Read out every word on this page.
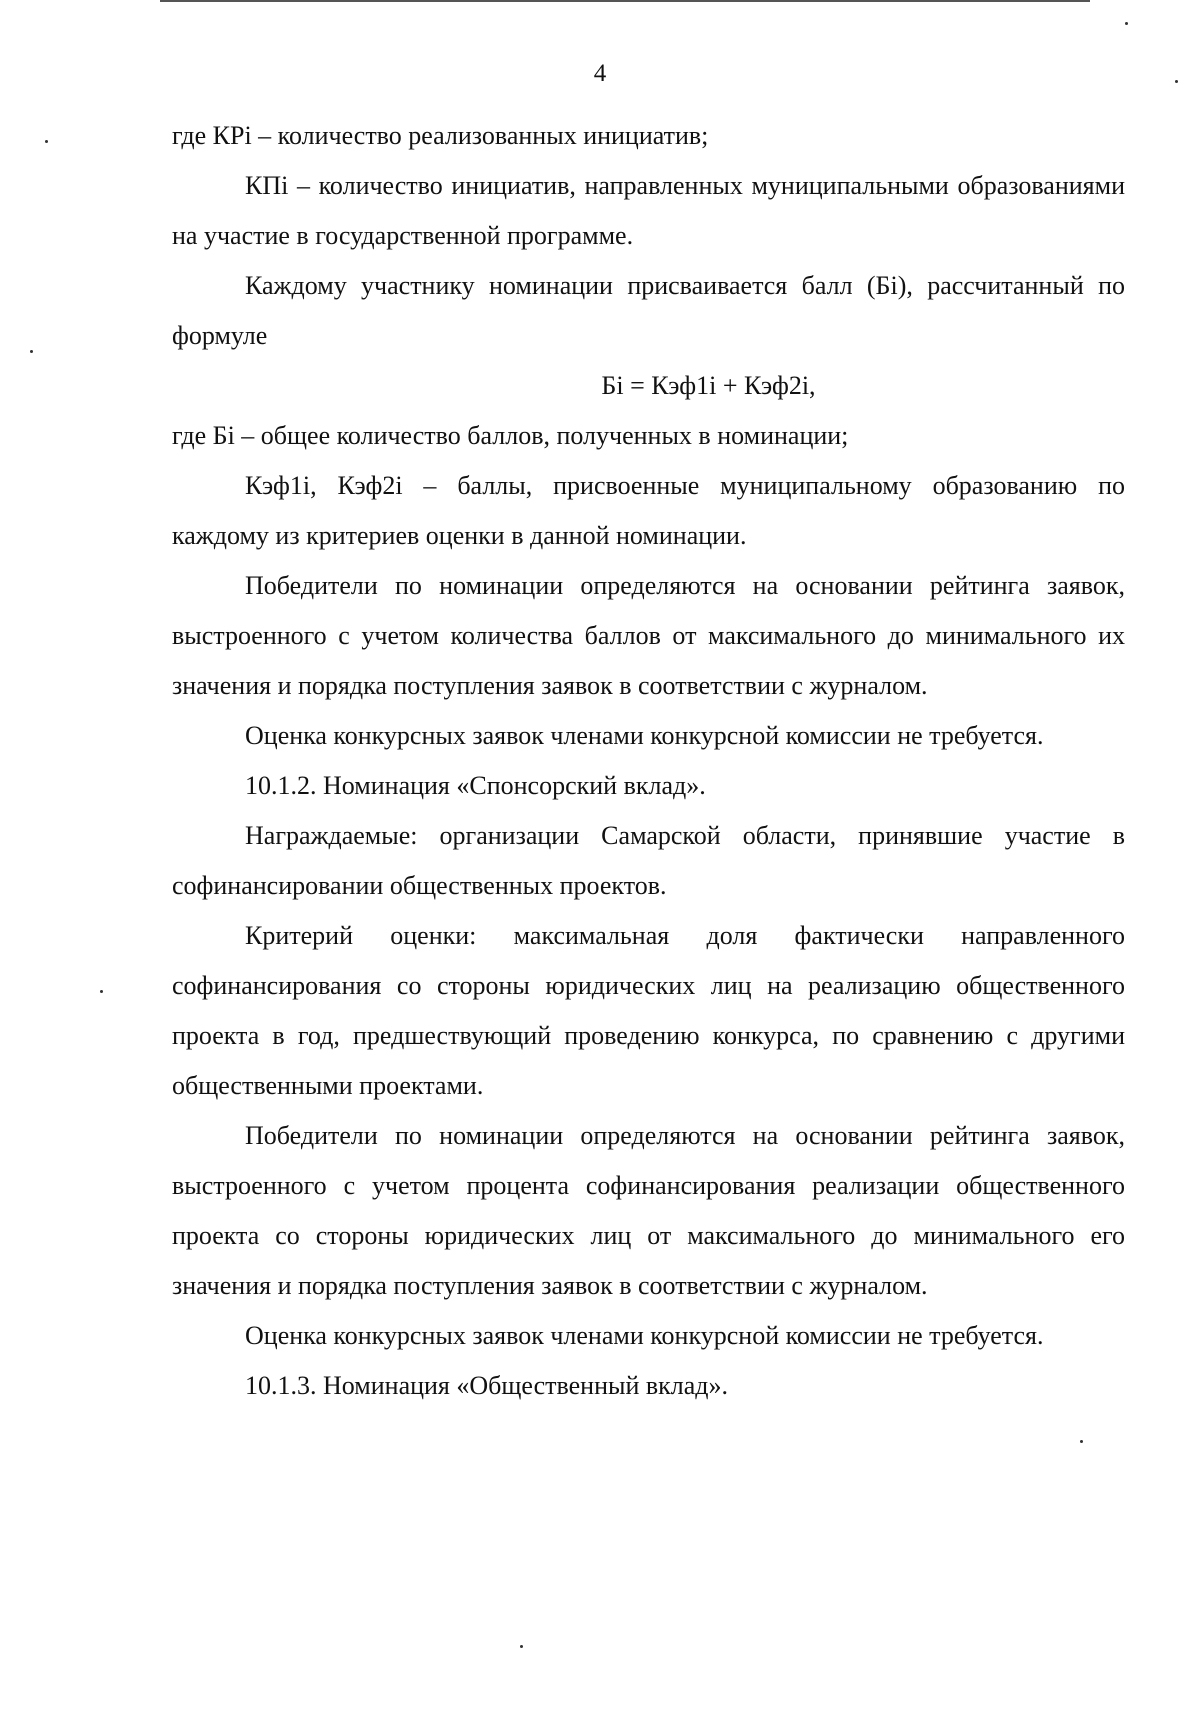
4

где КРi – количество реализованных инициатив;

КПi – количество инициатив, направленных муниципальными образованиями на участие в государственной программе.

Каждому участнику номинации присваивается балл (Бi), рассчитанный по формуле

Бi = Кэф1i + Кэф2i,

где Бi – общее количество баллов, полученных в номинации;

Кэф1i, Кэф2i – баллы, присвоенные муниципальному образованию по каждому из критериев оценки в данной номинации.

Победители по номинации определяются на основании рейтинга заявок, выстроенного с учетом количества баллов от максимального до минимального их значения и порядка поступления заявок в соответствии с журналом.

Оценка конкурсных заявок членами конкурсной комиссии не требуется.

10.1.2. Номинация «Спонсорский вклад».

Награждаемые: организации Самарской области, принявшие участие в софинансировании общественных проектов.

Критерий оценки: максимальная доля фактически направленного софинансирования со стороны юридических лиц на реализацию общественного проекта в год, предшествующий проведению конкурса, по сравнению с другими общественными проектами.

Победители по номинации определяются на основании рейтинга заявок, выстроенного с учетом процента софинансирования реализации общественного проекта со стороны юридических лиц от максимального до минимального его значения и порядка поступления заявок в соответствии с журналом.

Оценка конкурсных заявок членами конкурсной комиссии не требуется.

10.1.3. Номинация «Общественный вклад».
